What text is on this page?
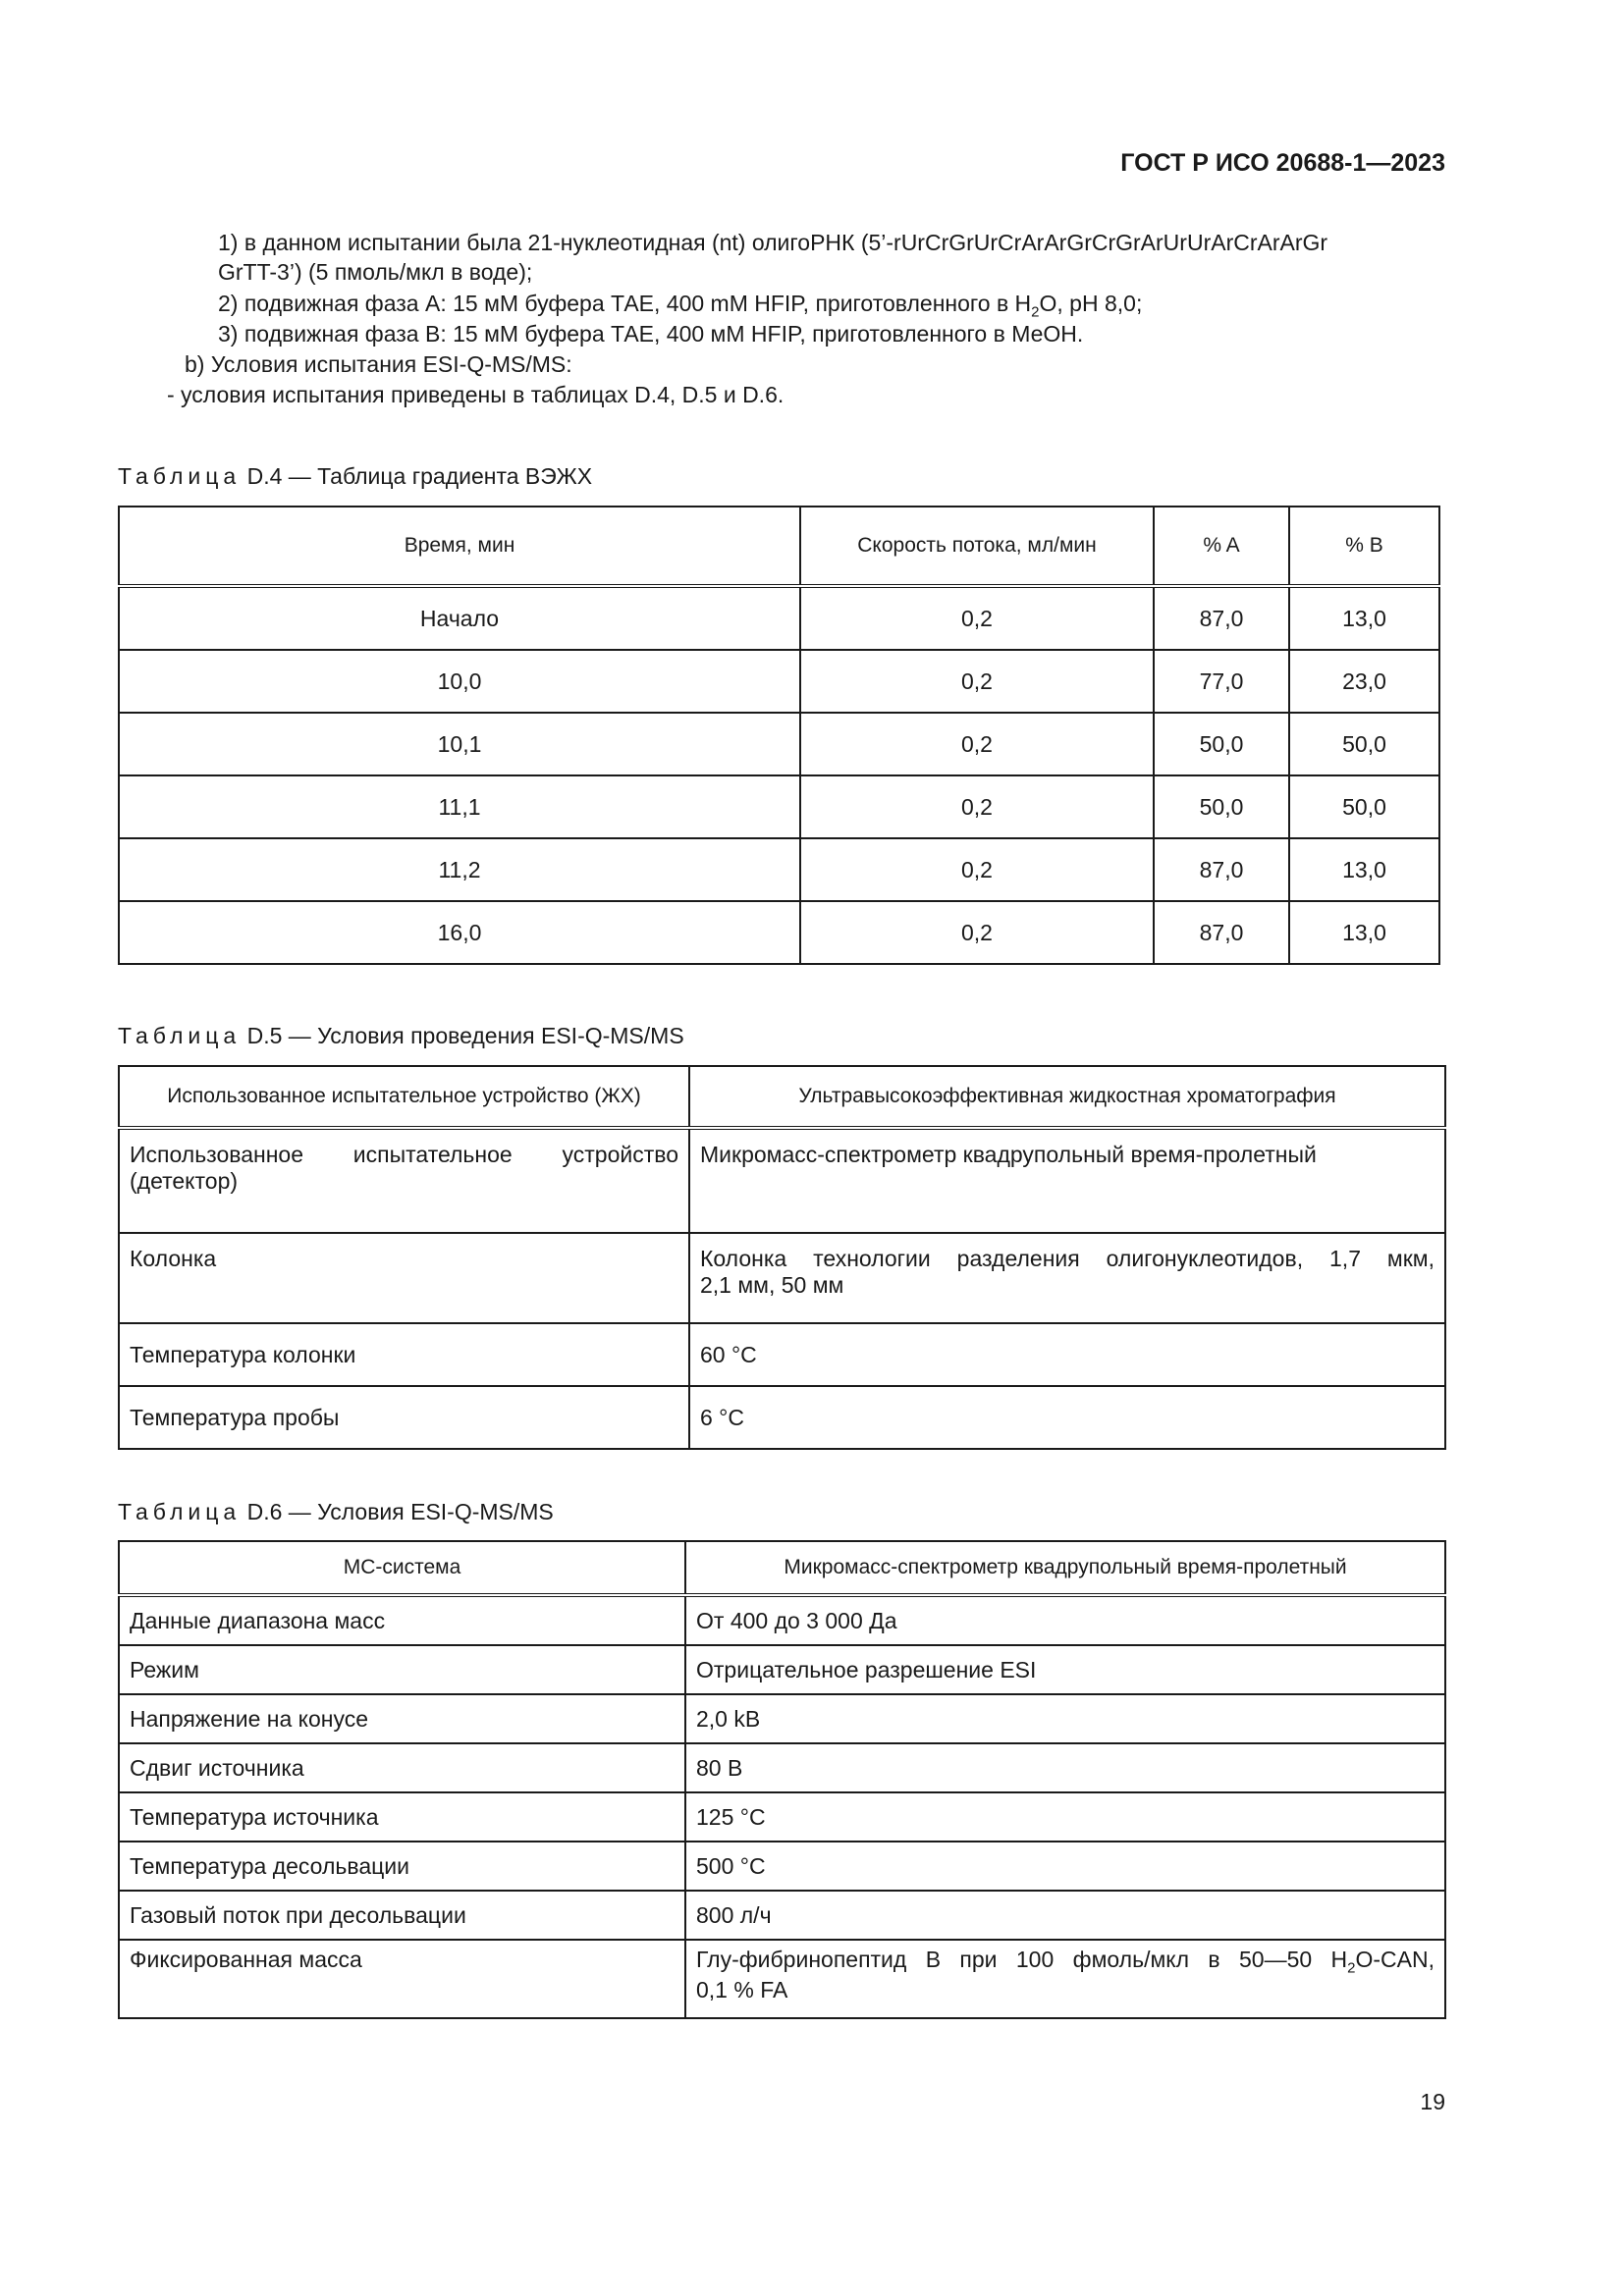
ГОСТ Р ИСО 20688-1—2023
1) в данном испытании была 21-нуклеотидная (nt) олигоРНК (5’-rUrCrGrUrCrArArGrCrGrArUrUrArCrArArGr
GrTT-3’) (5 пмоль/мкл в воде);
2) подвижная фаза А: 15 мМ буфера ТАЕ, 400 mM HFIP, приготовленного в $H_2O$, pH 8,0;
3) подвижная фаза В: 15 мМ буфера ТАЕ, 400 мМ HFIP, приготовленного в МеОН.
b) Условия испытания ESI-Q-MS/MS:
- условия испытания приведены в таблицах D.4, D.5 и D.6.
Таблица D.4 — Таблица градиента ВЭЖХ
Время, мин	Скорость потока, мл/мин	% A	% B
Начало	0,2	87,0	13,0
10,0	0,2	77,0	23,0
10,1	0,2	50,0	50,0
11,1	0,2	50,0	50,0
11,2	0,2	87,0	13,0
16,0	0,2	87,0	13,0
Таблица D.5 — Условия проведения ESI-Q-MS/MS
Использованное испытательное устройство (ЖХ)	Ультравысокоэффективная жидкостная хроматография

Использованное испытательное устройство
(детектор)	Микромасс-спектрометр квадрупольный время-пролетный
Колонка	Колонка технологии разделения олигонуклеотидов, 1,7 мкм,
2,1 мм, 50 мм
Температура колонки	60 °C
Температура пробы	6 °C
Таблица D.6 — Условия ESI-Q-MS/MS
МС-система	Микромасс-спектрометр квадрупольный время-пролетный
Данные диапазона масс	От 400 до 3 000 Да
Режим	Отрицательное разрешение ESI
Напряжение на конусе	2,0 kB
Сдвиг источника	80 B
Температура источника	125 °C
Температура десольвации	500 °C
Газовый поток при десольвации	800 л/ч
Фиксированная масса	Глу-фибринопептид В при 100 фмоль/мкл в 50—50 $H_2O$-CAN,
0,1 % FA
19
